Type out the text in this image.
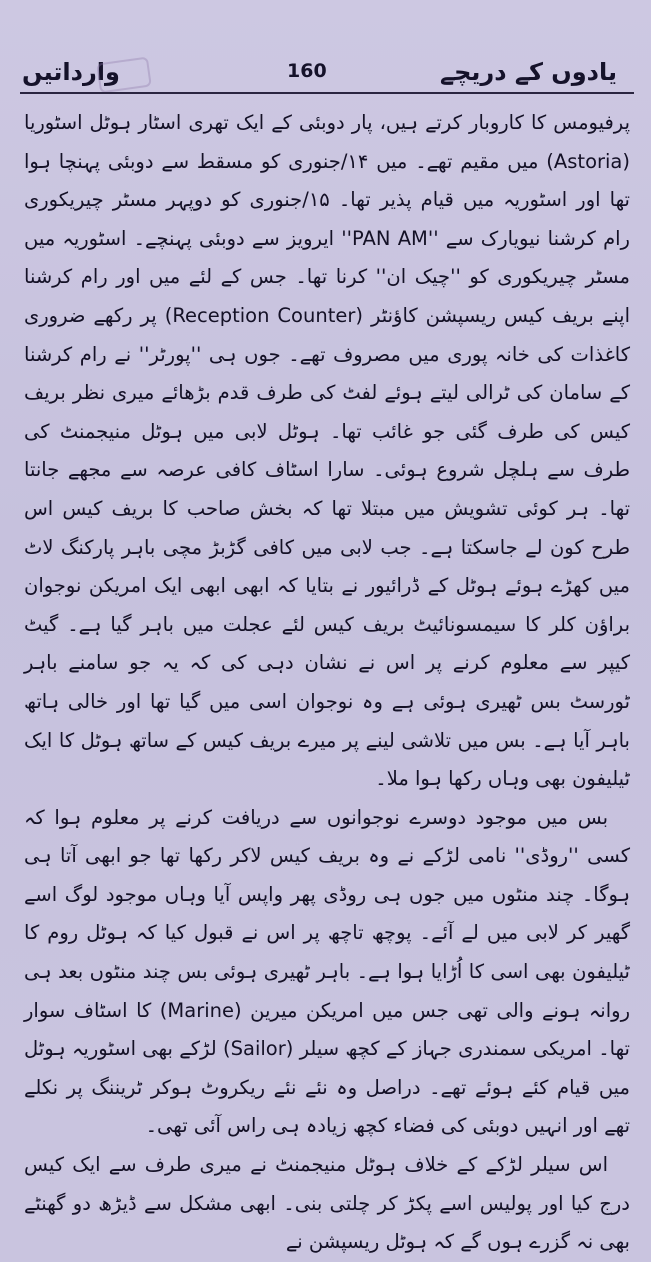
وارداتیں	160	یادوں کے دریچے

پرفیومس کا کاروبار کرتے ہیں، پار دوبئی کے ایک تھری اسٹار ہوٹل اسٹوریا (Astoria) میں مقیم تھے۔ میں ۱۴/جنوری کو مسقط سے دوبئی پہنچا ہوا تھا اور اسٹوریہ میں قیام پذیر تھا۔ ۱۵/جنوری کو دوپہر مسٹر چیریکوری رام کرشنا نیویارک سے ''PAN AM'' ایرویز سے دوبئی پہنچے۔ اسٹوریہ میں مسٹر چیریکوری کو ''چیک ان'' کرنا تھا۔ جس کے لئے میں اور رام کرشنا اپنے بریف کیس ریسپشن کاؤنٹر (Reception Counter) پر رکھے ضروری کاغذات کی خانہ پوری میں مصروف تھے۔ جوں ہی ''پورٹر'' نے رام کرشنا کے سامان کی ٹرالی لیتے ہوئے لفٹ کی طرف قدم بڑھائے میری نظر بریف کیس کی طرف گئی جو غائب تھا۔ ہوٹل لابی میں ہوٹل منیجمنٹ کی طرف سے ہلچل شروع ہوئی۔ سارا اسٹاف کافی عرصہ سے مجھے جانتا تھا۔ ہر کوئی تشویش میں مبتلا تھا کہ بخش صاحب کا بریف کیس اس طرح کون لے جاسکتا ہے۔ جب لابی میں کافی گڑبڑ مچی باہر پارکنگ لاٹ میں کھڑے ہوئے ہوٹل کے ڈرائیور نے بتایا کہ ابھی ابھی ایک امریکن نوجوان براؤن کلر کا سیمسونائیٹ بریف کیس لئے عجلت میں باہر گیا ہے۔ گیٹ کیپر سے معلوم کرنے پر اس نے نشان دہی کی کہ یہ جو سامنے باہر ٹورسٹ بس ٹھیری ہوئی ہے وہ نوجوان اسی میں گیا تھا اور خالی ہاتھ باہر آیا ہے۔ بس میں تلاشی لینے پر میرے بریف کیس کے ساتھ ہوٹل کا ایک ٹیلیفون بھی وہاں رکھا ہوا ملا۔

بس میں موجود دوسرے نوجوانوں سے دریافت کرنے پر معلوم ہوا کہ کسی ''روڈی'' نامی لڑکے نے وہ بریف کیس لاکر رکھا تھا جو ابھی آتا ہی ہوگا۔ چند منٹوں میں جوں ہی روڈی پھر واپس آیا وہاں موجود لوگ اسے گھیر کر لابی میں لے آئے۔ پوچھ تاچھ پر اس نے قبول کیا کہ ہوٹل روم کا ٹیلیفون بھی اسی کا اُڑایا ہوا ہے۔ باہر ٹھیری ہوئی بس چند منٹوں بعد ہی روانہ ہونے والی تھی جس میں امریکن میرین (Marine) کا اسٹاف سوار تھا۔ امریکی سمندری جہاز کے کچھ سیلر (Sailor) لڑکے بھی اسٹوریہ ہوٹل میں قیام کئے ہوئے تھے۔ دراصل وہ نئے نئے ریکروٹ ہوکر ٹریننگ پر نکلے تھے اور انہیں دوبئی کی فضاء کچھ زیادہ ہی راس آئی تھی۔

اس سیلر لڑکے کے خلاف ہوٹل منیجمنٹ نے میری طرف سے ایک کیس درج کیا اور پولیس اسے پکڑ کر چلتی بنی۔ ابھی مشکل سے ڈیڑھ دو گھنٹے بھی نہ گزرے ہوں گے کہ ہوٹل ریسپشن نے
